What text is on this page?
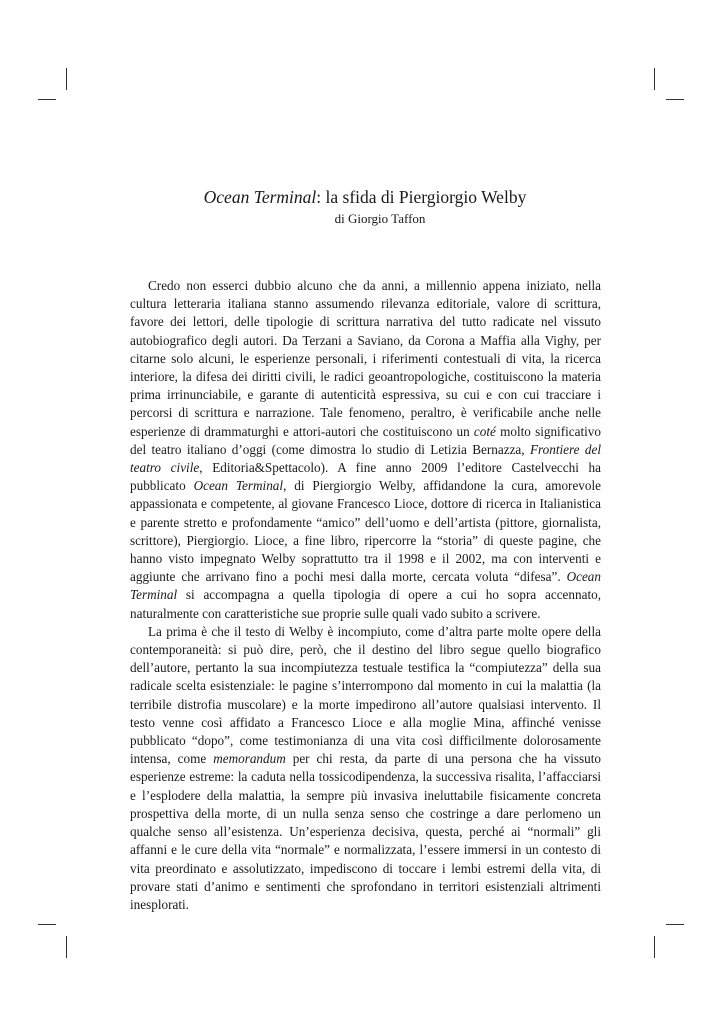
Ocean Terminal: la sfida di Piergiorgio Welby
di Giorgio Taffon

Credo non esserci dubbio alcuno che da anni, a millennio appena iniziato, nella cultura letteraria italiana stanno assumendo rilevanza editoriale, valore di scrittura, favore dei lettori, delle tipologie di scrittura narrativa del tutto radicate nel vissuto autobiografico degli autori. Da Terzani a Saviano, da Corona a Maffia alla Vighy, per citarne solo alcuni, le esperienze personali, i riferimenti contestuali di vita, la ricerca interiore, la difesa dei diritti civili, le radici geoantropologiche, costituiscono la materia prima irrinunciabile, e garante di autenticità espressiva, su cui e con cui tracciare i percorsi di scrittura e narrazione. Tale fenomeno, peraltro, è verificabile anche nelle esperienze di drammaturghi e attori-autori che costituiscono un coté molto significativo del teatro italiano d’oggi (come dimostra lo studio di Letizia Bernazza, Frontiere del teatro civile, Editoria&Spettacolo). A fine anno 2009 l’editore Castelvecchi ha pubblicato Ocean Terminal, di Piergiorgio Welby, affidandone la cura, amorevole appassionata e competente, al giovane Francesco Lioce, dottore di ricerca in Italianistica e parente stretto e profondamente “amico” dell’uomo e dell’artista (pittore, giornalista, scrittore), Piergiorgio. Lioce, a fine libro, ripercorre la “storia” di queste pagine, che hanno visto impegnato Welby soprattutto tra il 1998 e il 2002, ma con interventi e aggiunte che arrivano fino a pochi mesi dalla morte, cercata voluta “difesa”. Ocean Terminal si accompagna a quella tipologia di opere a cui ho sopra accennato, naturalmente con caratteristiche sue proprie sulle quali vado subito a scrivere.

La prima è che il testo di Welby è incompiuto, come d’altra parte molte opere della contemporaneità: si può dire, però, che il destino del libro segue quello biografico dell’autore, pertanto la sua incompiutezza testuale testifica la “compiutezza” della sua radicale scelta esistenziale: le pagine s’interrompono dal momento in cui la malattia (la terribile distrofia muscolare) e la morte impedirono all’autore qualsiasi intervento. Il testo venne così affidato a Francesco Lioce e alla moglie Mina, affinché venisse pubblicato “dopo”, come testimonianza di una vita così difficilmente dolorosamente intensa, come memorandum per chi resta, da parte di una persona che ha vissuto esperienze estreme: la caduta nella tossicodipendenza, la successiva risalita, l’affacciarsi e l’esplodere della malattia, la sempre più invasiva ineluttabile fisicamente concreta prospettiva della morte, di un nulla senza senso che costringe a dare perlomeno un qualche senso all’esistenza. Un’esperienza decisiva, questa, perché ai “normali” gli affanni e le cure della vita “normale” e normalizzata, l’essere immersi in un contesto di vita preordinato e assolutizzato, impediscono di toccare i lembi estremi della vita, di provare stati d’animo e sentimenti che sprofondano in territori esistenziali altrimenti inesplorati.
